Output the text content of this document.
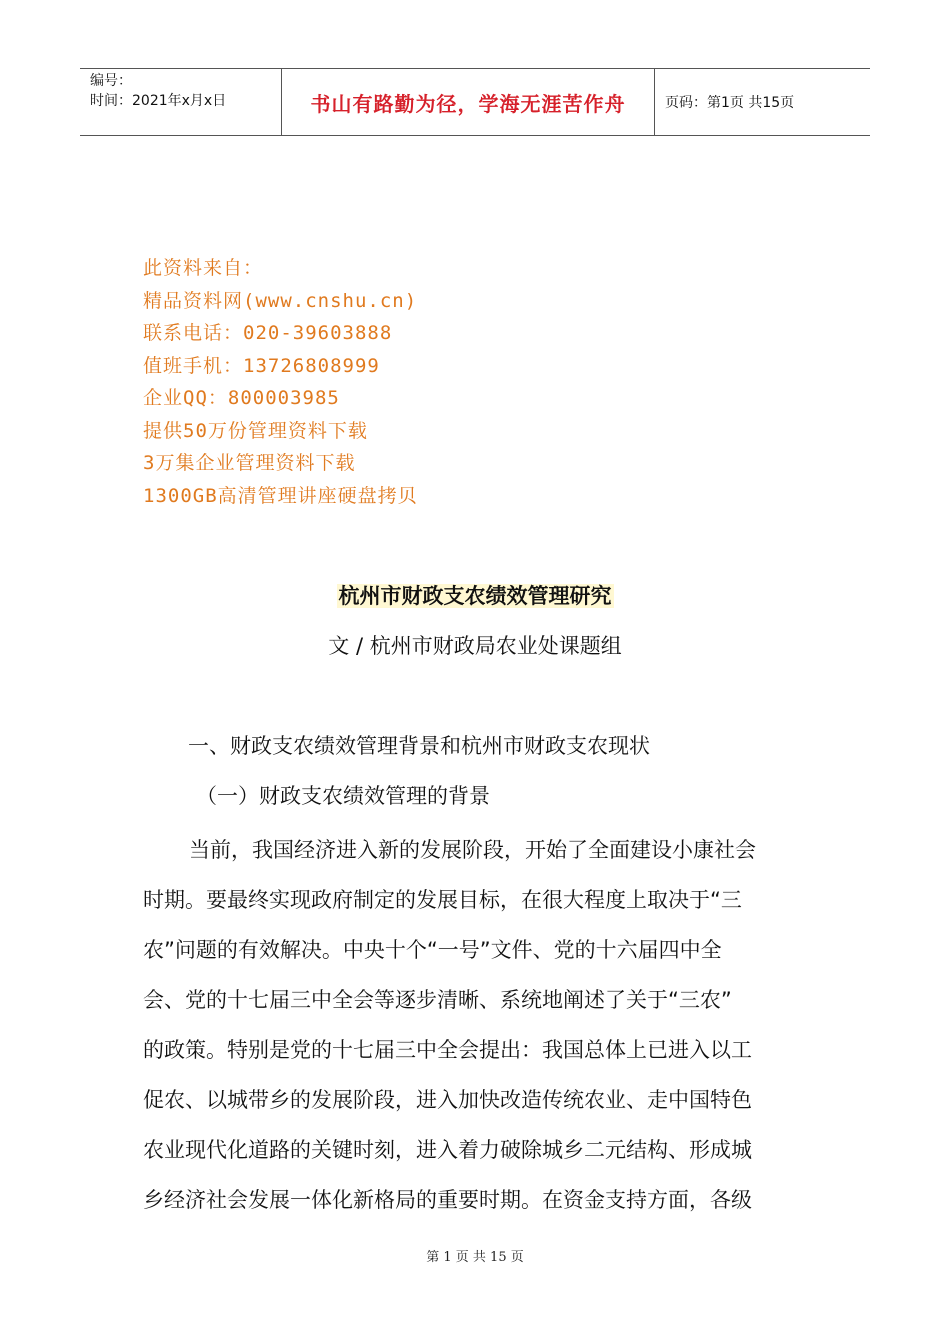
编号：
时间：2021年x月x日	书山有路勤为径，学海无涯苦作舟	页码：第1页 共15页
此资料来自：
精品资料网(www.cnshu.cn)
联系电话：020-39603888
值班手机：13726808999
企业QQ：800003985
提供50万份管理资料下载
3万集企业管理资料下载
1300GB高清管理讲座硬盘拷贝
杭州市财政支农绩效管理研究
文 / 杭州市财政局农业处课题组
一、财政支农绩效管理背景和杭州市财政支农现状
（一）财政支农绩效管理的背景
当前，我国经济进入新的发展阶段，开始了全面建设小康社会
时期。要最终实现政府制定的发展目标，在很大程度上取决于“三
农”问题的有效解决。中央十个“一号”文件、党的十六届四中全
会、党的十七届三中全会等逐步清晰、系统地阐述了关于“三农”
的政策。特别是党的十七届三中全会提出：我国总体上已进入以工
促农、以城带乡的发展阶段，进入加快改造传统农业、走中国特色
农业现代化道路的关键时刻，进入着力破除城乡二元结构、形成城
乡经济社会发展一体化新格局的重要时期。在资金支持方面，各级
第 1 页 共 15 页
